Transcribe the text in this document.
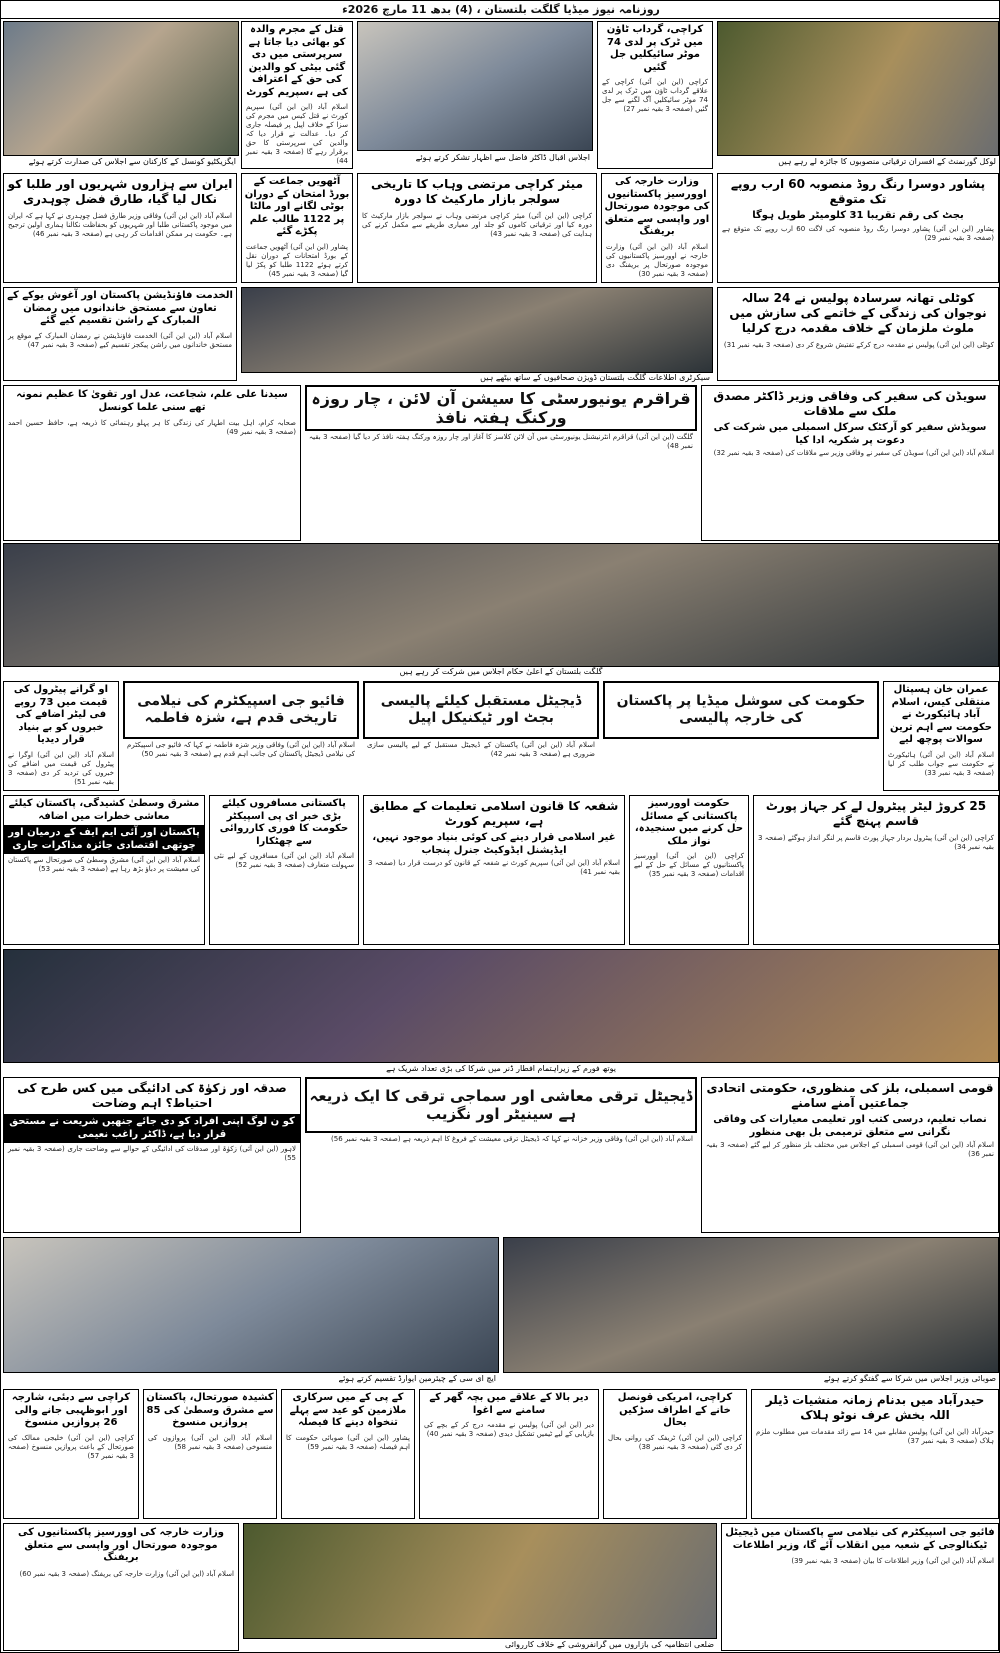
روزنامہ نیوز میڈیا گلگت بلتستان ، (4) بدھ 11 مارچ 2026ء
ایگزیکٹیو کونسل کے کارکنان سے اجلاس کی صدارت کرتے ہوئے
قتل کے مجرم والدہ کو بھائی دیا جاتا ہے سرپرستی میں دی گئی بیٹی کو والدین کی حق کے اعتراف کی ہے ،سپریم کورٹ
اسلام آباد (این این آئی) سپریم کورٹ نے قتل کیس میں مجرم کی سزا کے خلاف اپیل پر فیصلہ جاری کر دیا۔ عدالت نے قرار دیا کہ والدین کی سرپرستی کا حق برقرار رہے گا (صفحہ 3 بقیہ نمبر 44)	اجلاس اقبال ڈاکٹر فاضل سے اظہار تشکر کرتے ہوئے
کراچی، گرداب ٹاؤن میں ٹرک پر لدی 74 موٹر سائیکلیں جل گئیں
کراچی (این این آئی) کراچی کے علاقے گرداب ٹاؤن میں ٹرک پر لدی 74 موٹر سائیکلیں آگ لگنے سے جل گئیں (صفحہ 3 بقیہ نمبر 27)
لوکل گورنمنٹ کے افسران ترقیاتی منصوبوں کا جائزہ لے رہے ہیں
ایران سے ہزاروں شہریوں اور طلبا کو نکال لیا گیا، طارق فضل چوہدری
اسلام آباد (این این آئی) وفاقی وزیر طارق فضل چوہدری نے کہا ہے کہ ایران میں موجود پاکستانی طلبا اور شہریوں کو بحفاظت نکالنا ہماری اولین ترجیح ہے۔ حکومت ہر ممکن اقدامات کر رہی ہے (صفحہ 3 بقیہ نمبر 46)
الخدمت فاؤنڈیشن پاکستان اور آغوش یوکے کے تعاون سے مستحق خاندانوں میں رمضان المبارک کے راشن تقسیم کیے گئے
اسلام آباد (این این آئی) الخدمت فاؤنڈیشن نے رمضان المبارک کے موقع پر مستحق خاندانوں میں راشن پیکجز تقسیم کیے (صفحہ 3 بقیہ نمبر 47)
آٹھویں جماعت کے بورڈ امتحان کے دوران بوٹی لگانے اور مالٹا پر 1122 طالب علم پکڑے گئے
پشاور (این این آئی) آٹھویں جماعت کے بورڈ امتحانات کے دوران نقل کرتے ہوئے 1122 طلبا کو پکڑ لیا گیا (صفحہ 3 بقیہ نمبر 45)
میئر کراچی مرتضی وہاب کا تاریخی سولجر بازار مارکیٹ کا دورہ
کراچی (این این آئی) میئر کراچی مرتضی وہاب نے سولجر بازار مارکیٹ کا دورہ کیا اور ترقیاتی کاموں کو جلد اور معیاری طریقے سے مکمل کرنے کی ہدایت کی (صفحہ 3 بقیہ نمبر 43)
وزارت خارجہ کی اوورسیز پاکستانیوں کی موجودہ صورتحال اور واپسی سے متعلق بریفنگ
اسلام آباد (این این آئی) وزارت خارجہ نے اوورسیز پاکستانیوں کی موجودہ صورتحال پر بریفنگ دی (صفحہ 3 بقیہ نمبر 30)
پشاور دوسرا رنگ روڈ منصوبہ 60 ارب روپے تک متوقع
بجٹ کی رقم تقریبا 31 کلومیٹر طویل ہوگا
پشاور (این این آئی) پشاور دوسرا رنگ روڈ منصوبہ کی لاگت 60 ارب روپے تک متوقع ہے (صفحہ 3 بقیہ نمبر 29)
سیکرٹری اطلاعات گلگت بلتستان ڈویژن صحافیوں کے ساتھ بیٹھے ہیں
کوٹلی تھانہ سرسادہ پولیس نے 24 سالہ نوجوان کی زندگی کے خاتمے کی سازش میں ملوث ملزمان کے خلاف مقدمہ درج کرلیا
کوٹلی (این این آئی) پولیس نے مقدمہ درج کرکے تفتیش شروع کر دی (صفحہ 3 بقیہ نمبر 31)
سیدنا علی علم، شجاعت، عدل اور تقویٰ کا عظیم نمونہ تھے سنی علما کونسل
صحابہ کرام، اہل بیت اطہار کی زندگی کا ہر پہلو رہنمائی کا ذریعہ ہے، حافظ حسین احمد (صفحہ 3 بقیہ نمبر 49)
قراقرم یونیورسٹی کا سیشن آن لائن ، چار روزہ ورکنگ ہفتہ نافذ
گلگت (این این آئی) قراقرم انٹرنیشنل یونیورسٹی میں آن لائن کلاسز کا آغاز اور چار روزہ ورکنگ ہفتہ نافذ کر دیا گیا (صفحہ 3 بقیہ نمبر 48)
سویڈن کی سفیر کی وفاقی وزیر ڈاکٹر مصدق ملک سے ملاقات
سویڈش سفیر کو آرکٹک سرکل اسمبلی میں شرکت کی دعوت پر شکریہ ادا کیا
اسلام آباد (این این آئی) سویڈن کی سفیر نے وفاقی وزیر سے ملاقات کی (صفحہ 3 بقیہ نمبر 32)
گلگت بلتستان کے اعلیٰ حکام اجلاس میں شرکت کر رہے ہیں
او گرانے پیٹرول کی قیمت میں 73 روپے فی لیٹر اضافے کی خبروں کو بے بنیاد قرار دیدیا
اسلام آباد (این این آئی) اوگرا نے پیٹرول کی قیمت میں اضافے کی خبروں کی تردید کر دی (صفحہ 3 بقیہ نمبر 51)
فائیو جی اسپیکٹرم کی نیلامی تاریخی قدم ہے، شزہ فاطمہ
اسلام آباد (این این آئی) وفاقی وزیر شزہ فاطمہ نے کہا کہ فائیو جی اسپیکٹرم کی نیلامی ڈیجیٹل پاکستان کی جانب اہم قدم ہے (صفحہ 3 بقیہ نمبر 50)
ڈیجیٹل مستقبل کیلئے پالیسی بجٹ اور ٹیکنیکل اپیل
اسلام آباد (این این آئی) پاکستان کے ڈیجیٹل مستقبل کے لیے پالیسی سازی ضروری ہے (صفحہ 3 بقیہ نمبر 42)
حکومت کی سوشل میڈیا پر پاکستان کی خارجہ پالیسی
عمران خان ہسپتال منتقلی کیس، اسلام آباد ہائیکورٹ نے حکومت سے اہم ترین سوالات پوچھ لیے
اسلام آباد (این این آئی) ہائیکورٹ نے حکومت سے جواب طلب کر لیا (صفحہ 3 بقیہ نمبر 33)
مشرق وسطیٰ کشیدگی، پاکستان کیلئے معاشی خطرات میں اضافہ
پاکستان اور آئی ایم ایف کے درمیان اور چوتھی اقتصادی جائزہ مذاکرات جاری
اسلام آباد (این این آئی) مشرق وسطیٰ کی صورتحال سے پاکستان کی معیشت پر دباؤ بڑھ رہا ہے (صفحہ 3 بقیہ نمبر 53)
پاکستانی مسافروں کیلئے بڑی خبر ای پی اسپیکٹر حکومت کا فوری کارروائی سے چھٹکارا
اسلام آباد (این این آئی) مسافروں کے لیے نئی سہولت متعارف (صفحہ 3 بقیہ نمبر 52)
شفعہ کا قانون اسلامی تعلیمات کے مطابق ہے، سپریم کورٹ
غیر اسلامی قرار دینے کی کوئی بنیاد موجود نہیں، ایڈیشنل ایڈوکیٹ جنرل پنجاب
اسلام آباد (این این آئی) سپریم کورٹ نے شفعہ کے قانون کو درست قرار دیا (صفحہ 3 بقیہ نمبر 41)
حکومت اوورسیز پاکستانی کے مسائل حل کرنے میں سنجیدہ، نواز ملک
کراچی (این این آئی) اوورسیز پاکستانیوں کے مسائل کے حل کے لیے اقدامات (صفحہ 3 بقیہ نمبر 35)
25 کروڑ لیٹر پیٹرول لے کر جہاز پورٹ قاسم پہنچ گئے
کراچی (این این آئی) پیٹرول بردار جہاز پورٹ قاسم پر لنگر انداز ہوگئے (صفحہ 3 بقیہ نمبر 34)
یوتھ فورم کے زیراہتمام افطار ڈنر میں شرکا کی بڑی تعداد شریک ہے
صدقہ اور زکوٰۃ کی ادائیگی میں کس طرح کی احتیاط؟ اہم وضاحت
کو ن لوگ اپنی افراد کو دی جائے جنھیں شریعت نے مستحق قرار دیا ہے، ڈاکٹر راغب نعیمی
لاہور (این این آئی) زکوٰۃ اور صدقات کی ادائیگی کے حوالے سے وضاحت جاری (صفحہ 3 بقیہ نمبر 55)
ڈیجیٹل ترقی معاشی اور سماجی ترقی کا ایک ذریعہ ہے سینیٹر اور نگزیب
اسلام آباد (این این آئی) وفاقی وزیر خزانہ نے کہا کہ ڈیجیٹل ترقی معیشت کے فروغ کا اہم ذریعہ ہے (صفحہ 3 بقیہ نمبر 56)
قومی اسمبلی، بلز کی منظوری، حکومتی اتحادی جماعتیں آمنے سامنے
نصاب تعلیم، درسی کتب اور تعلیمی معیارات کی وفاقی نگرانی سے متعلق ترمیمی بل بھی منظور
اسلام آباد (این این آئی) قومی اسمبلی کے اجلاس میں مختلف بلز منظور کر لیے گئے (صفحہ 3 بقیہ نمبر 36)
ایچ ای سی کے چیئرمین ایوارڈ تقسیم کرتے ہوئے	صوبائی وزیر اجلاس میں شرکا سے گفتگو کرتے ہوئے
کراچی سے دبئی، شارجہ اور ابوظہبی جانے والی 26 پروازیں منسوخ
کراچی (این این آئی) خلیجی ممالک کی صورتحال کے باعث پروازیں منسوخ (صفحہ 3 بقیہ نمبر 57)
کشیدہ صورتحال، پاکستان سے مشرق وسطیٰ کی 85 پروازیں منسوخ
اسلام آباد (این این آئی) پروازوں کی منسوخی (صفحہ 3 بقیہ نمبر 58)
کے پی کے میں سرکاری ملازمین کو عید سے پہلے تنخواہ دینے کا فیصلہ
پشاور (این این آئی) صوبائی حکومت کا اہم فیصلہ (صفحہ 3 بقیہ نمبر 59)
دیر بالا کے علاقے میں بچہ گھر کے سامنے سے اغوا
دیر (این این آئی) پولیس نے مقدمہ درج کر کے بچے کی بازیابی کے لیے ٹیمیں تشکیل دیدی (صفحہ 3 بقیہ نمبر 40)
کراچی، امریکی قونصل خانے کے اطراف سڑکیں بحال
کراچی (این این آئی) ٹریفک کی روانی بحال کر دی گئی (صفحہ 3 بقیہ نمبر 38)
حیدرآباد میں بدنام زمانہ منشیات ڈیلر اللہ بخش عرف نوٹو ہلاک
حیدرآباد (این این آئی) پولیس مقابلے میں 14 سے زائد مقدمات میں مطلوب ملزم ہلاک (صفحہ 3 بقیہ نمبر 37)
وزارت خارجہ کی اوورسیز پاکستانیوں کی موجودہ صورتحال اور واپسی سے متعلق بریفنگ
اسلام آباد (این این آئی) وزارت خارجہ کی بریفنگ (صفحہ 3 بقیہ نمبر 60)
ضلعی انتظامیہ کی بازاروں میں گرانفروشی کے خلاف کارروائی
فائیو جی اسپیکٹرم کی نیلامی سے پاکستان میں ڈیجیٹل ٹیکنالوجی کے شعبہ میں انقلاب آئے گا، وزیر اطلاعات
اسلام آباد (این این آئی) وزیر اطلاعات کا بیان (صفحہ 3 بقیہ نمبر 39)
